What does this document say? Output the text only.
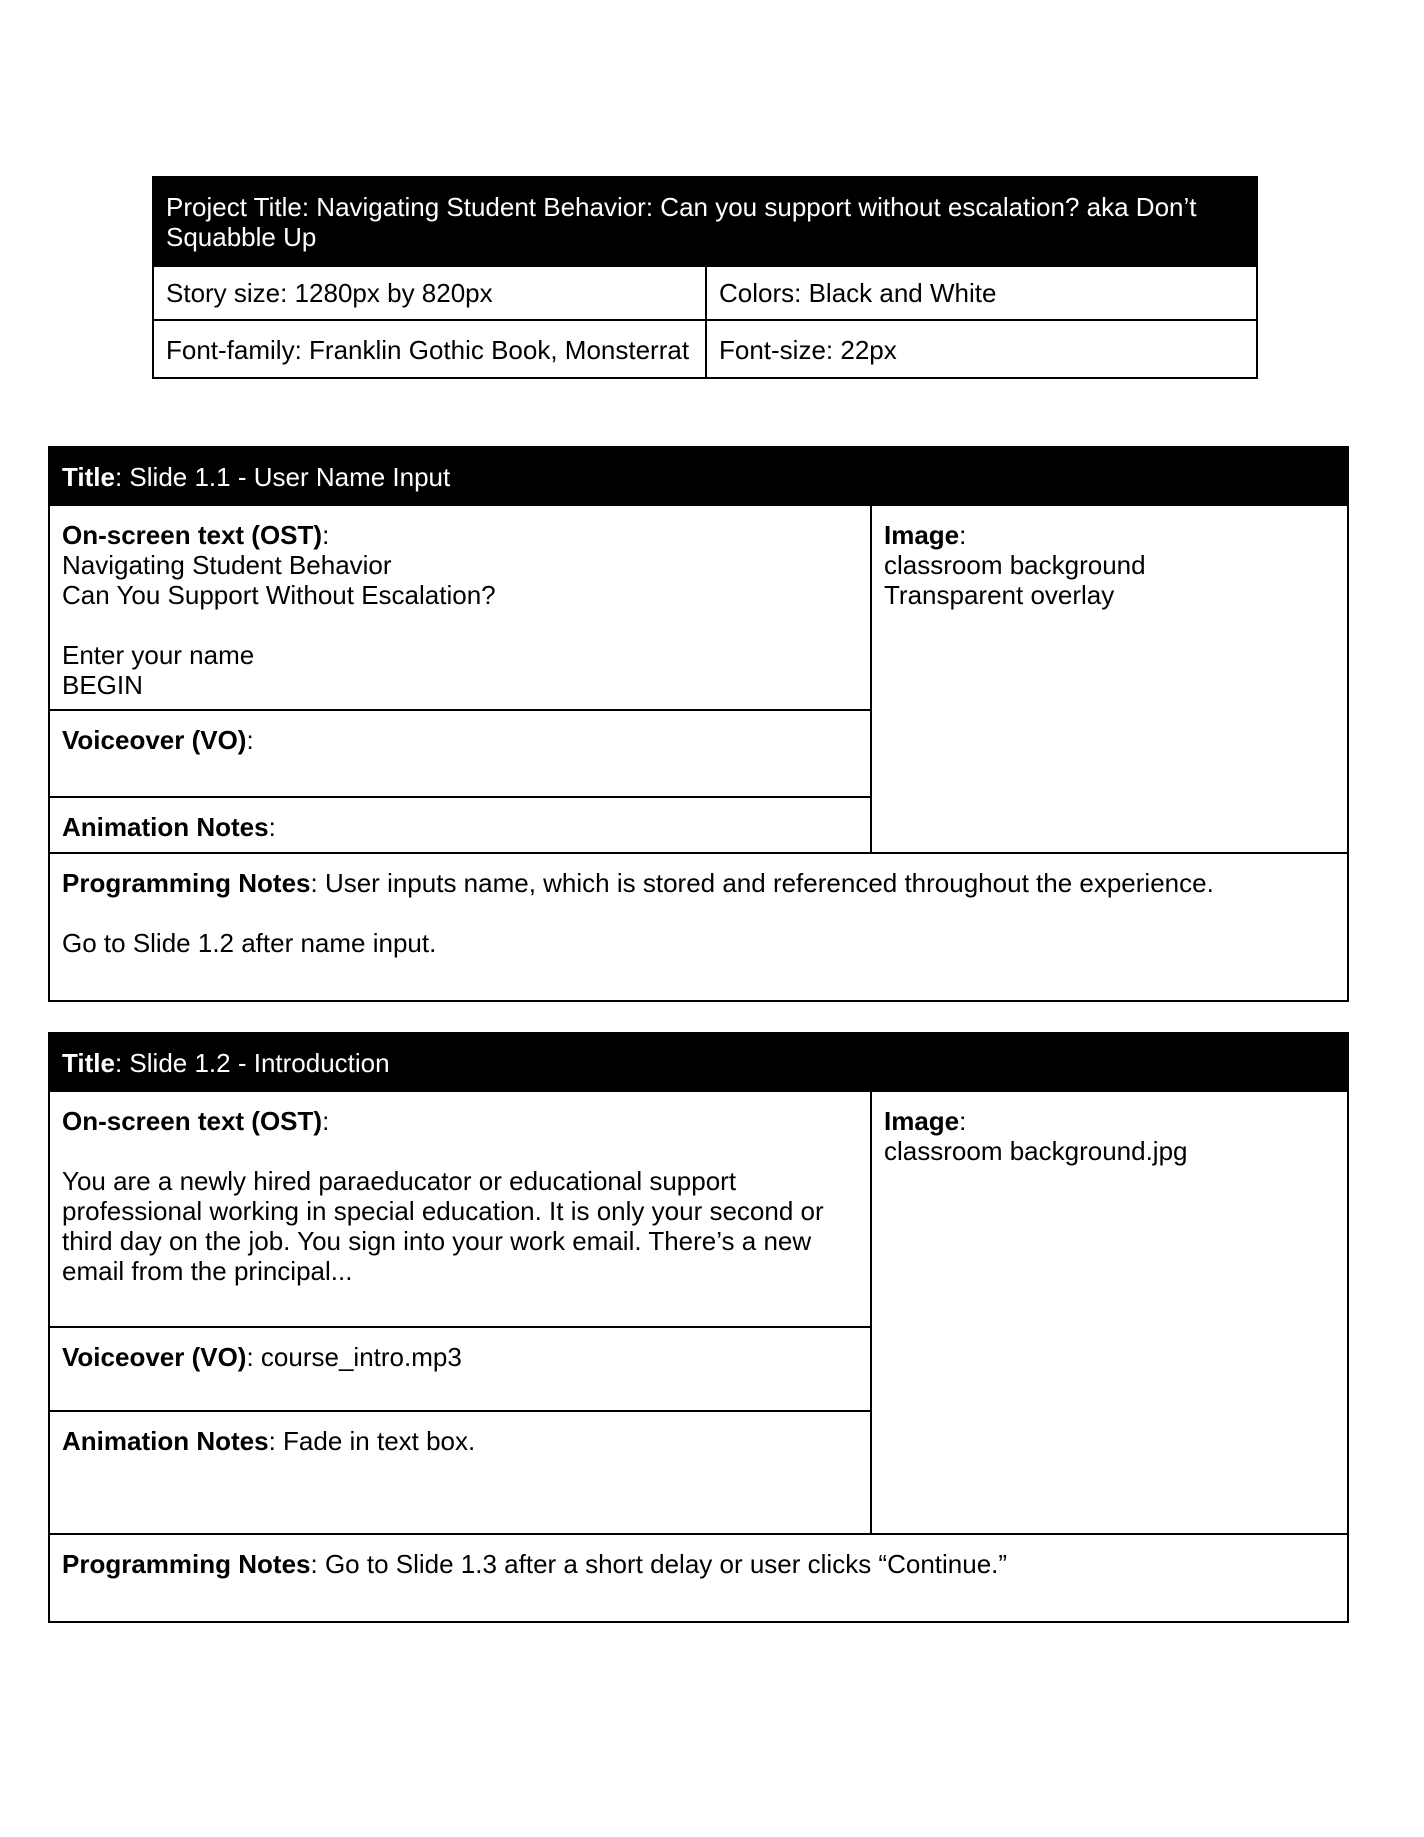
Project Title: Navigating Student Behavior: Can you support without escalation? aka Don’t Squabble Up	
Story size: 1280px by 820px	Colors: Black and White
Font-family: Franklin Gothic Book, Monsterrat	Font-size: 22px
Title: Slide 1.1 - User Name Input

On-screen text (OST):
Navigating Student Behavior
Can You Support Without Escalation?
Enter your name
BEGIN

Image:
classroom background
Transparent overlay

Voiceover (VO):
Animation Notes:

Programming Notes: User inputs name, which is stored and referenced throughout the experience.
Go to Slide 1.2 after name input.
Title: Slide 1.2 - Introduction

On-screen text (OST):
You are a newly hired paraeducator or educational support professional working in special education. It is only your second or third day on the job. You sign into your work email. There’s a new email from the principal...

Image:
classroom background.jpg

Voiceover (VO): course_intro.mp3
Animation Notes: Fade in text box.
Programming Notes: Go to Slide 1.3 after a short delay or user clicks “Continue.”
